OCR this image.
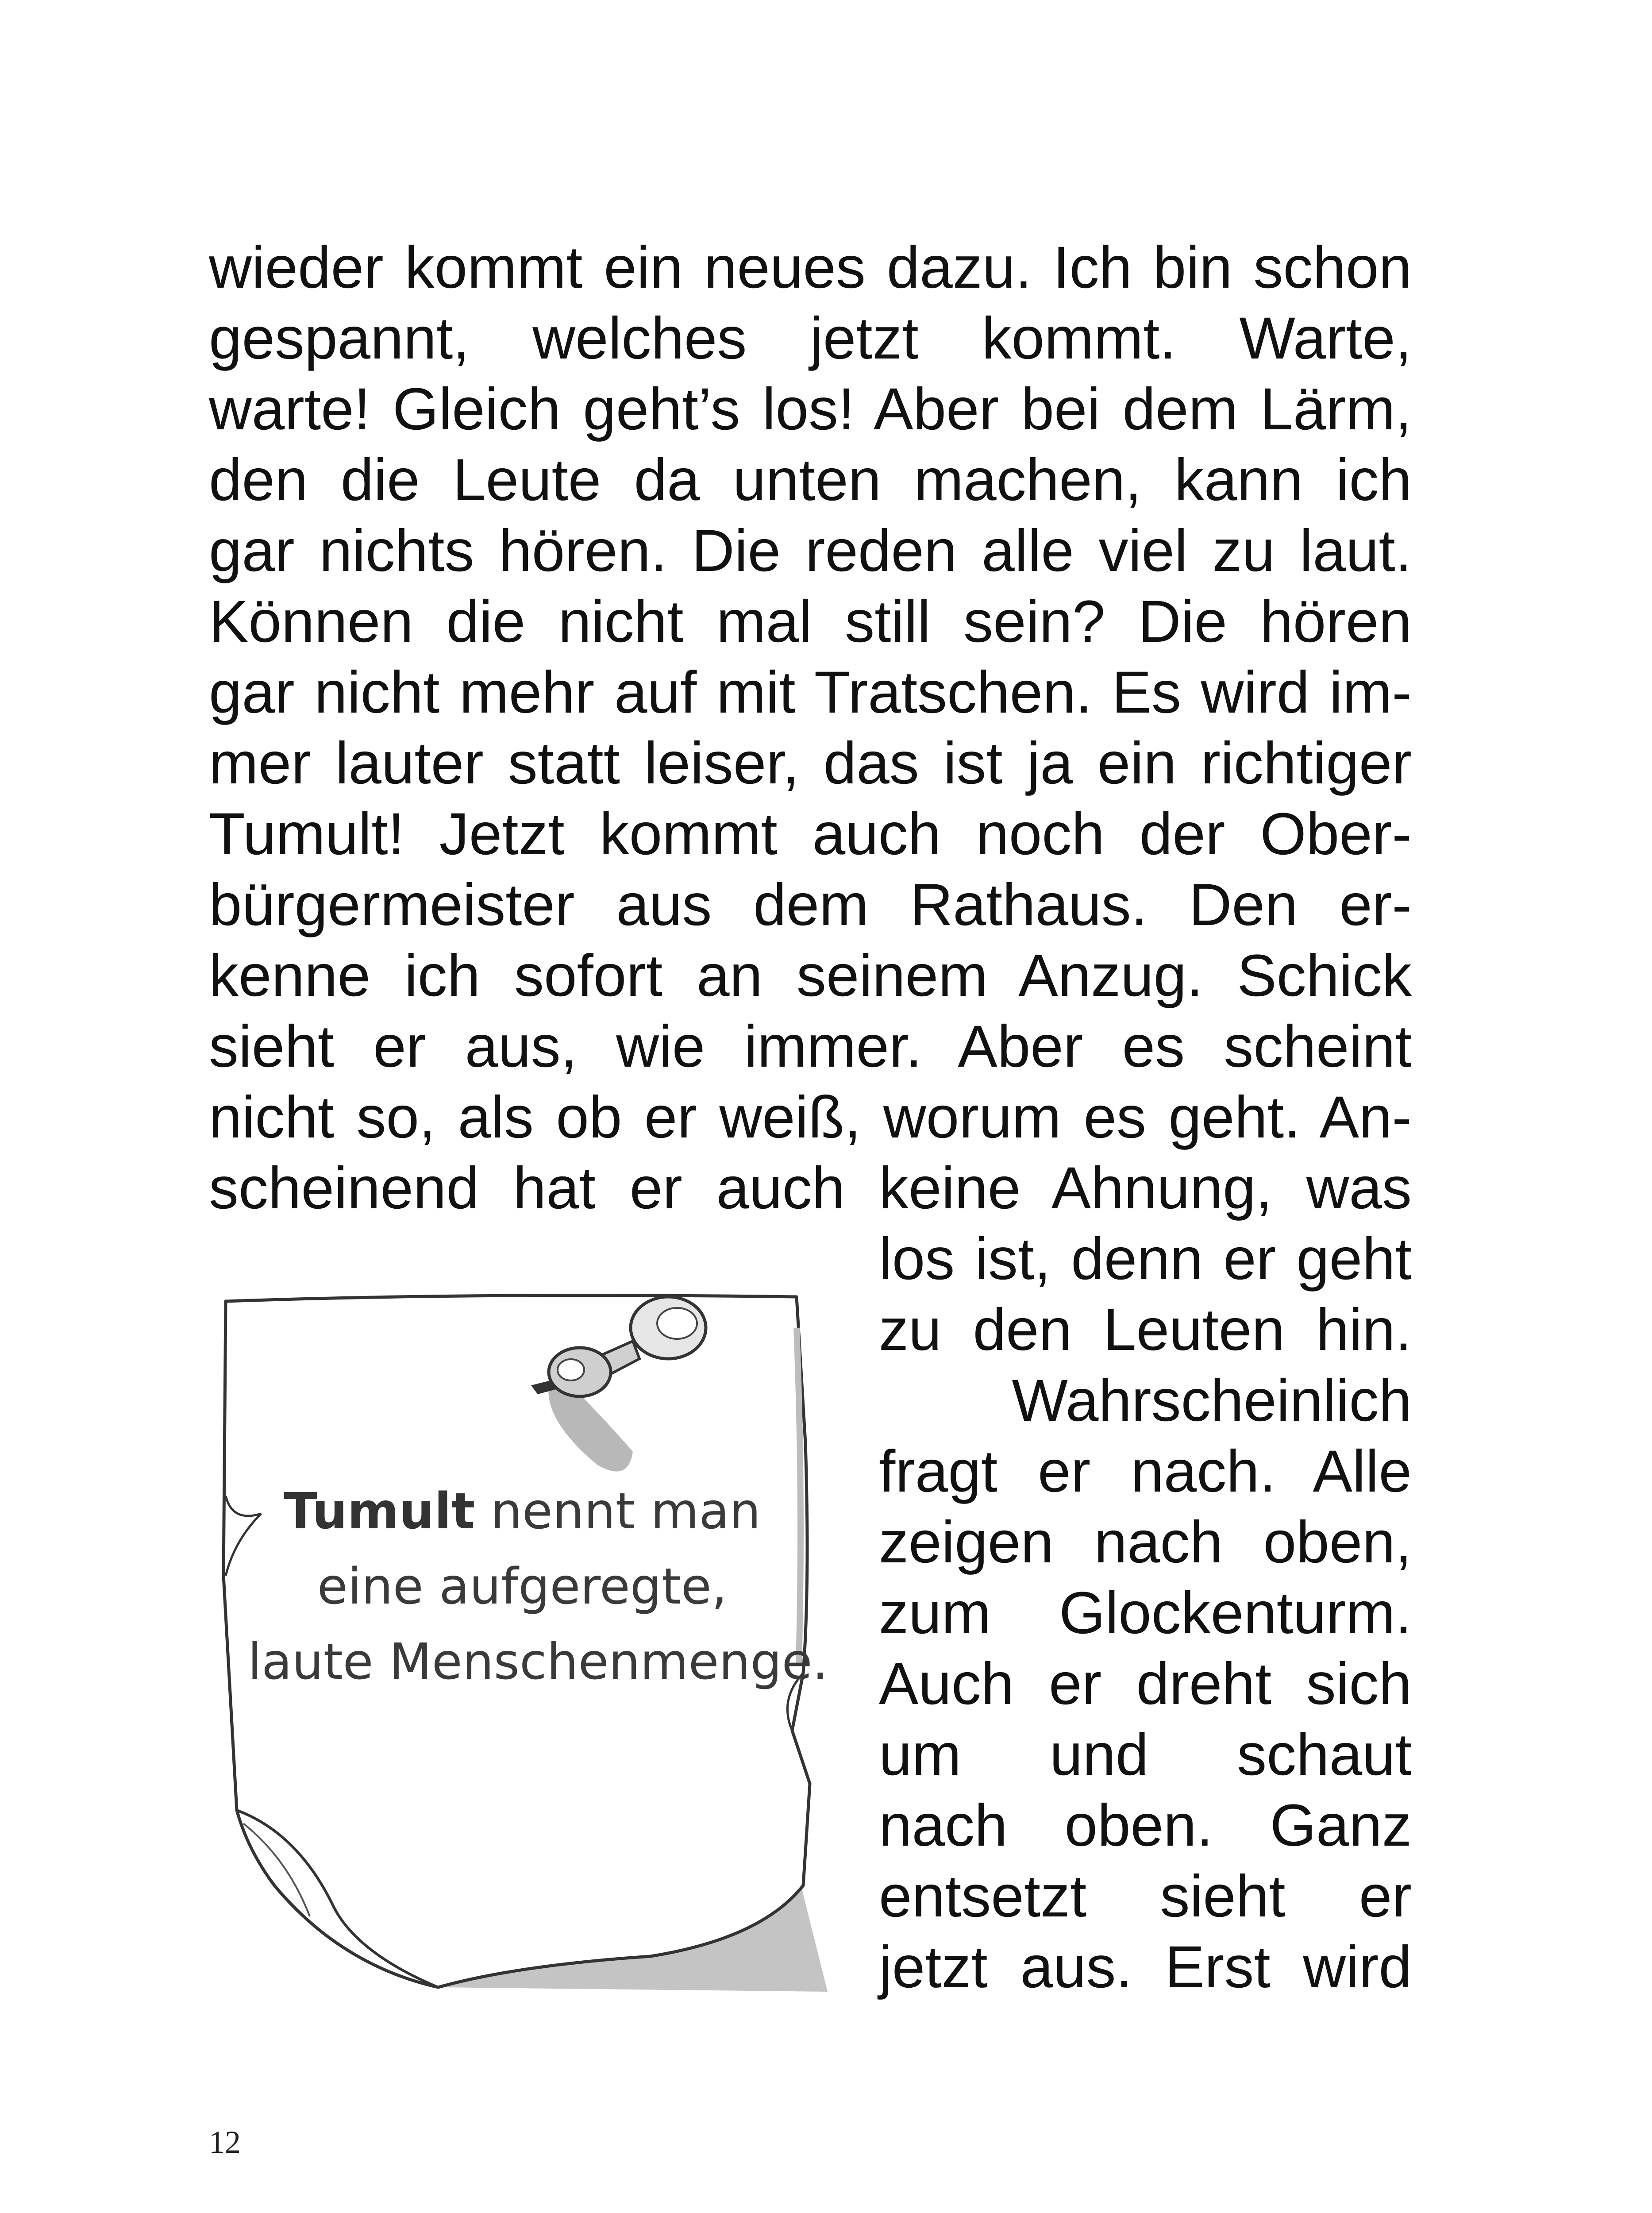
wieder kommt ein neues dazu. Ich bin schon
gespannt, welches jetzt kommt. Warte,
warte! Gleich geht’s los! Aber bei dem Lärm,
den die Leute da unten machen, kann ich
gar nichts hören. Die reden alle viel zu laut.
Können die nicht mal still sein? Die hören
gar nicht mehr auf mit Tratschen. Es wird im-
mer lauter statt leiser, das ist ja ein richtiger
Tumult! Jetzt kommt auch noch der Ober-
bürgermeister aus dem Rathaus. Den er-
kenne ich sofort an seinem Anzug. Schick
sieht er aus, wie immer. Aber es scheint
nicht so, als ob er weiß, worum es geht. An-
scheinend hat er auch keine Ahnung, was
los ist, denn er geht
zu den Leuten hin.
Wahrscheinlich
fragt er nach. Alle
zeigen nach oben,
zum Glockenturm.
Auch er dreht sich
um und schaut
nach oben. Ganz
entsetzt sieht er
jetzt aus. Erst wird
Tumult nennt man
eine aufgeregte,
laute Menschenmenge.
12
